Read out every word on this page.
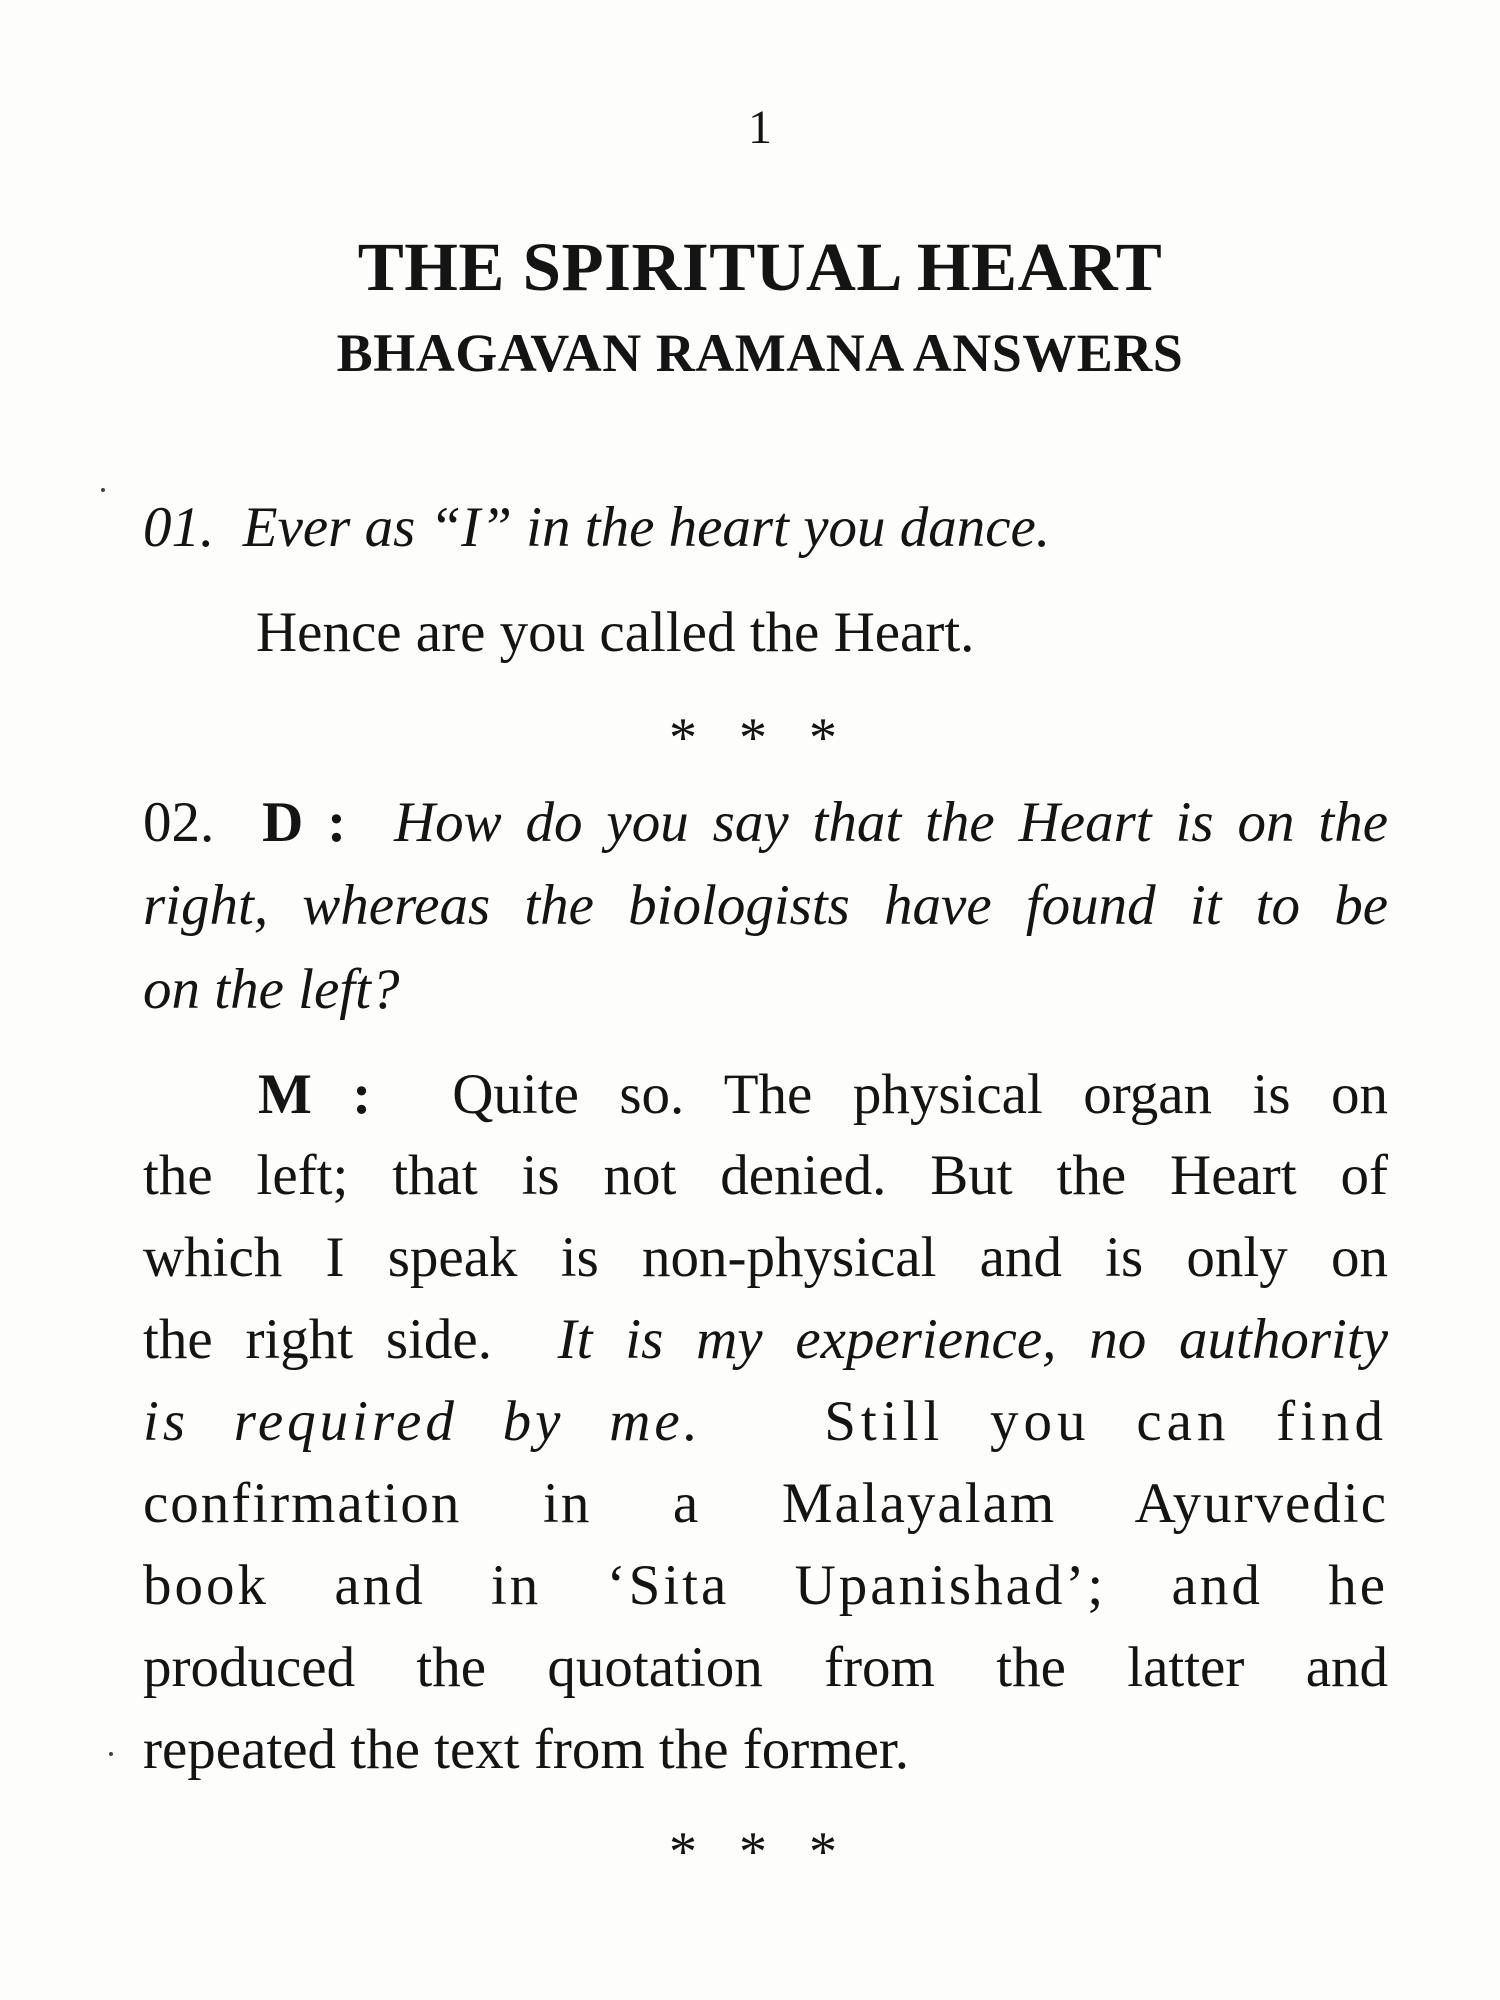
1
THE SPIRITUAL HEART
BHAGAVAN RAMANA ANSWERS
01. Ever as “I” in the heart you dance.
Hence are you called the Heart.
* * *
02. D : How do you say that the Heart is on the
right, whereas the biologists have found it to be
on the left?
M : Quite so. The physical organ is on
the left; that is not denied. But the Heart of
which I speak is non-physical and is only on
the right side. It is my experience, no authority
is required by me. Still you can find
confirmation in a Malayalam Ayurvedic
book and in ‘Sita Upanishad’; and he
produced the quotation from the latter and
repeated the text from the former.
* * *
